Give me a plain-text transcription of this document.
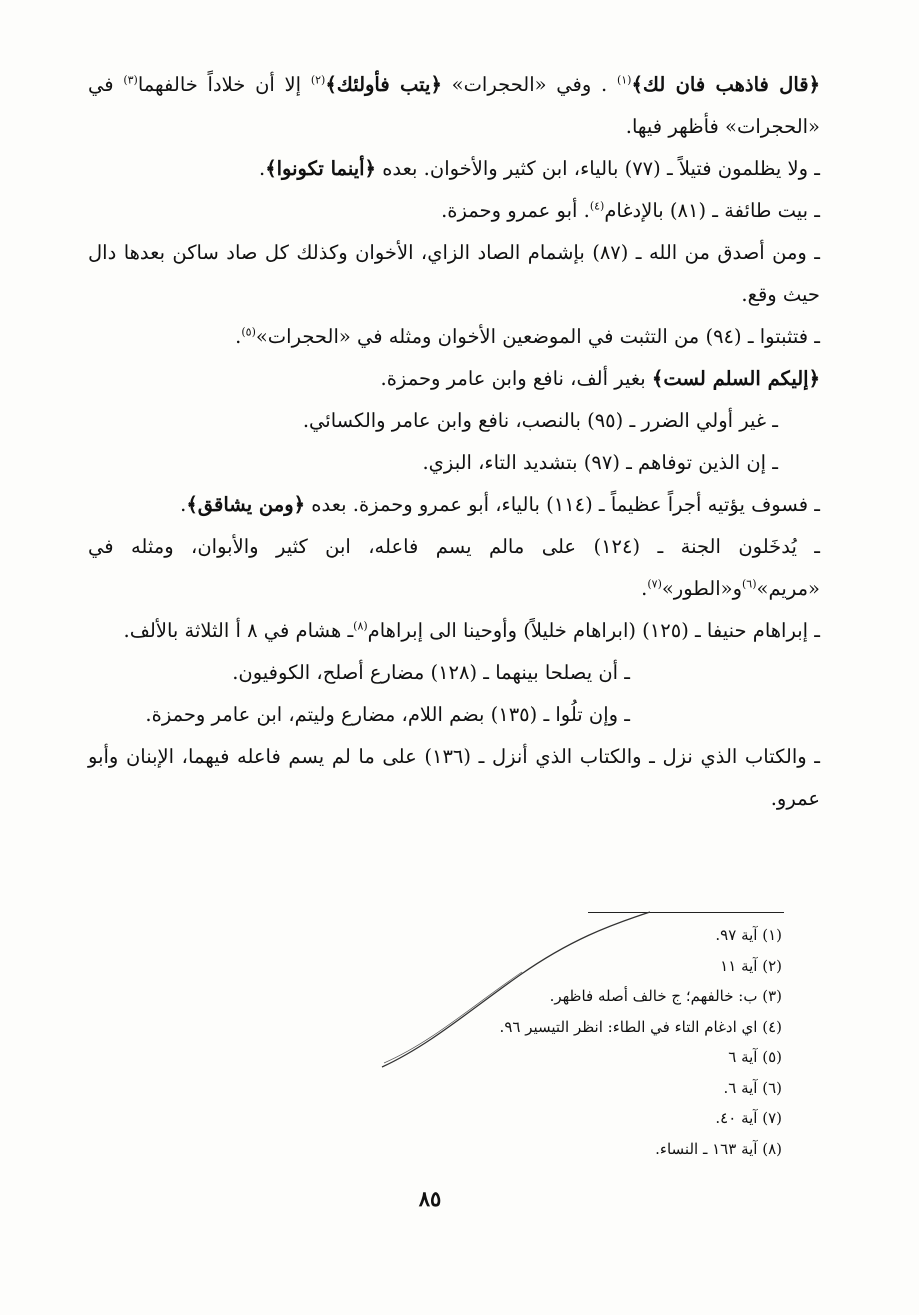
﴿قال فاذهب فان لك﴾$^{(١)}$ . وفي «الحجرات» ﴿يتب فأولئك﴾$^{(٢)}$ إلا أن خلاداً خالفهما$^{(٣)}$ في «الحجرات» فأظهر فيها.

ـ ولا يظلمون فتيلاً ـ (٧٧) بالياء، ابن كثير والأخوان. بعده ﴿أينما تكونوا﴾.

ـ بيت طائفة ـ (٨١) بالإدغام$^{(٤)}$. أبو عمرو وحمزة.

ـ ومن أصدق من الله ـ (٨٧) بإشمام الصاد الزاي، الأخوان وكذلك كل صاد ساكن بعدها دال حيث وقع.

ـ فتثبتوا ـ (٩٤) من التثبت في الموضعين الأخوان ومثله في «الحجرات»$^{(٥)}$.

﴿إليكم السلم لست﴾ بغير ألف، نافع وابن عامر وحمزة.

ـ غير أولي الضرر ـ (٩٥) بالنصب، نافع وابن عامر والكسائي.

ـ إن الذين توفاهم ـ (٩٧) بتشديد التاء، البزي.

ـ فسوف يؤتيه أجراً عظيماً ـ (١١٤) بالياء، أبو عمرو وحمزة. بعده ﴿ومن يشاقق﴾.

ـ يُدخَلون الجنة ـ (١٢٤) على مالم يسم فاعله، ابن كثير والأبوان، ومثله في «مريم»$^{(٦)}$و«الطور»$^{(٧)}$.

ـ إبراهام حنيفا ـ (١٢٥) (ابراهام خليلاً) وأوحينا الى إبراهام$^{(٨)}$ـ هشام في ٨ أ الثلاثة بالألف.

ـ أن يصلحا بينهما ـ (١٢٨) مضارع أصلح، الكوفيون.

ـ وإن تلُوا ـ (١٣٥) بضم اللام، مضارع وليتم، ابن عامر وحمزة.

ـ والكتاب الذي نزل ـ والكتاب الذي أنزل ـ (١٣٦) على ما لم يسم فاعله فيهما، الإبنان وأبو عمرو.

(١) آية ٩٧.

(٢) آية ١١

(٣) ب: خالفهم؛ ج خالف أصله فاظهر.

(٤) اي ادغام التاء في الطاء: انظر التيسير ٩٦.

(٥) آية ٦

(٦) آية ٦.

(٧) آية ٤٠.

(٨) آية ١٦٣ ـ النساء.

٨٥
